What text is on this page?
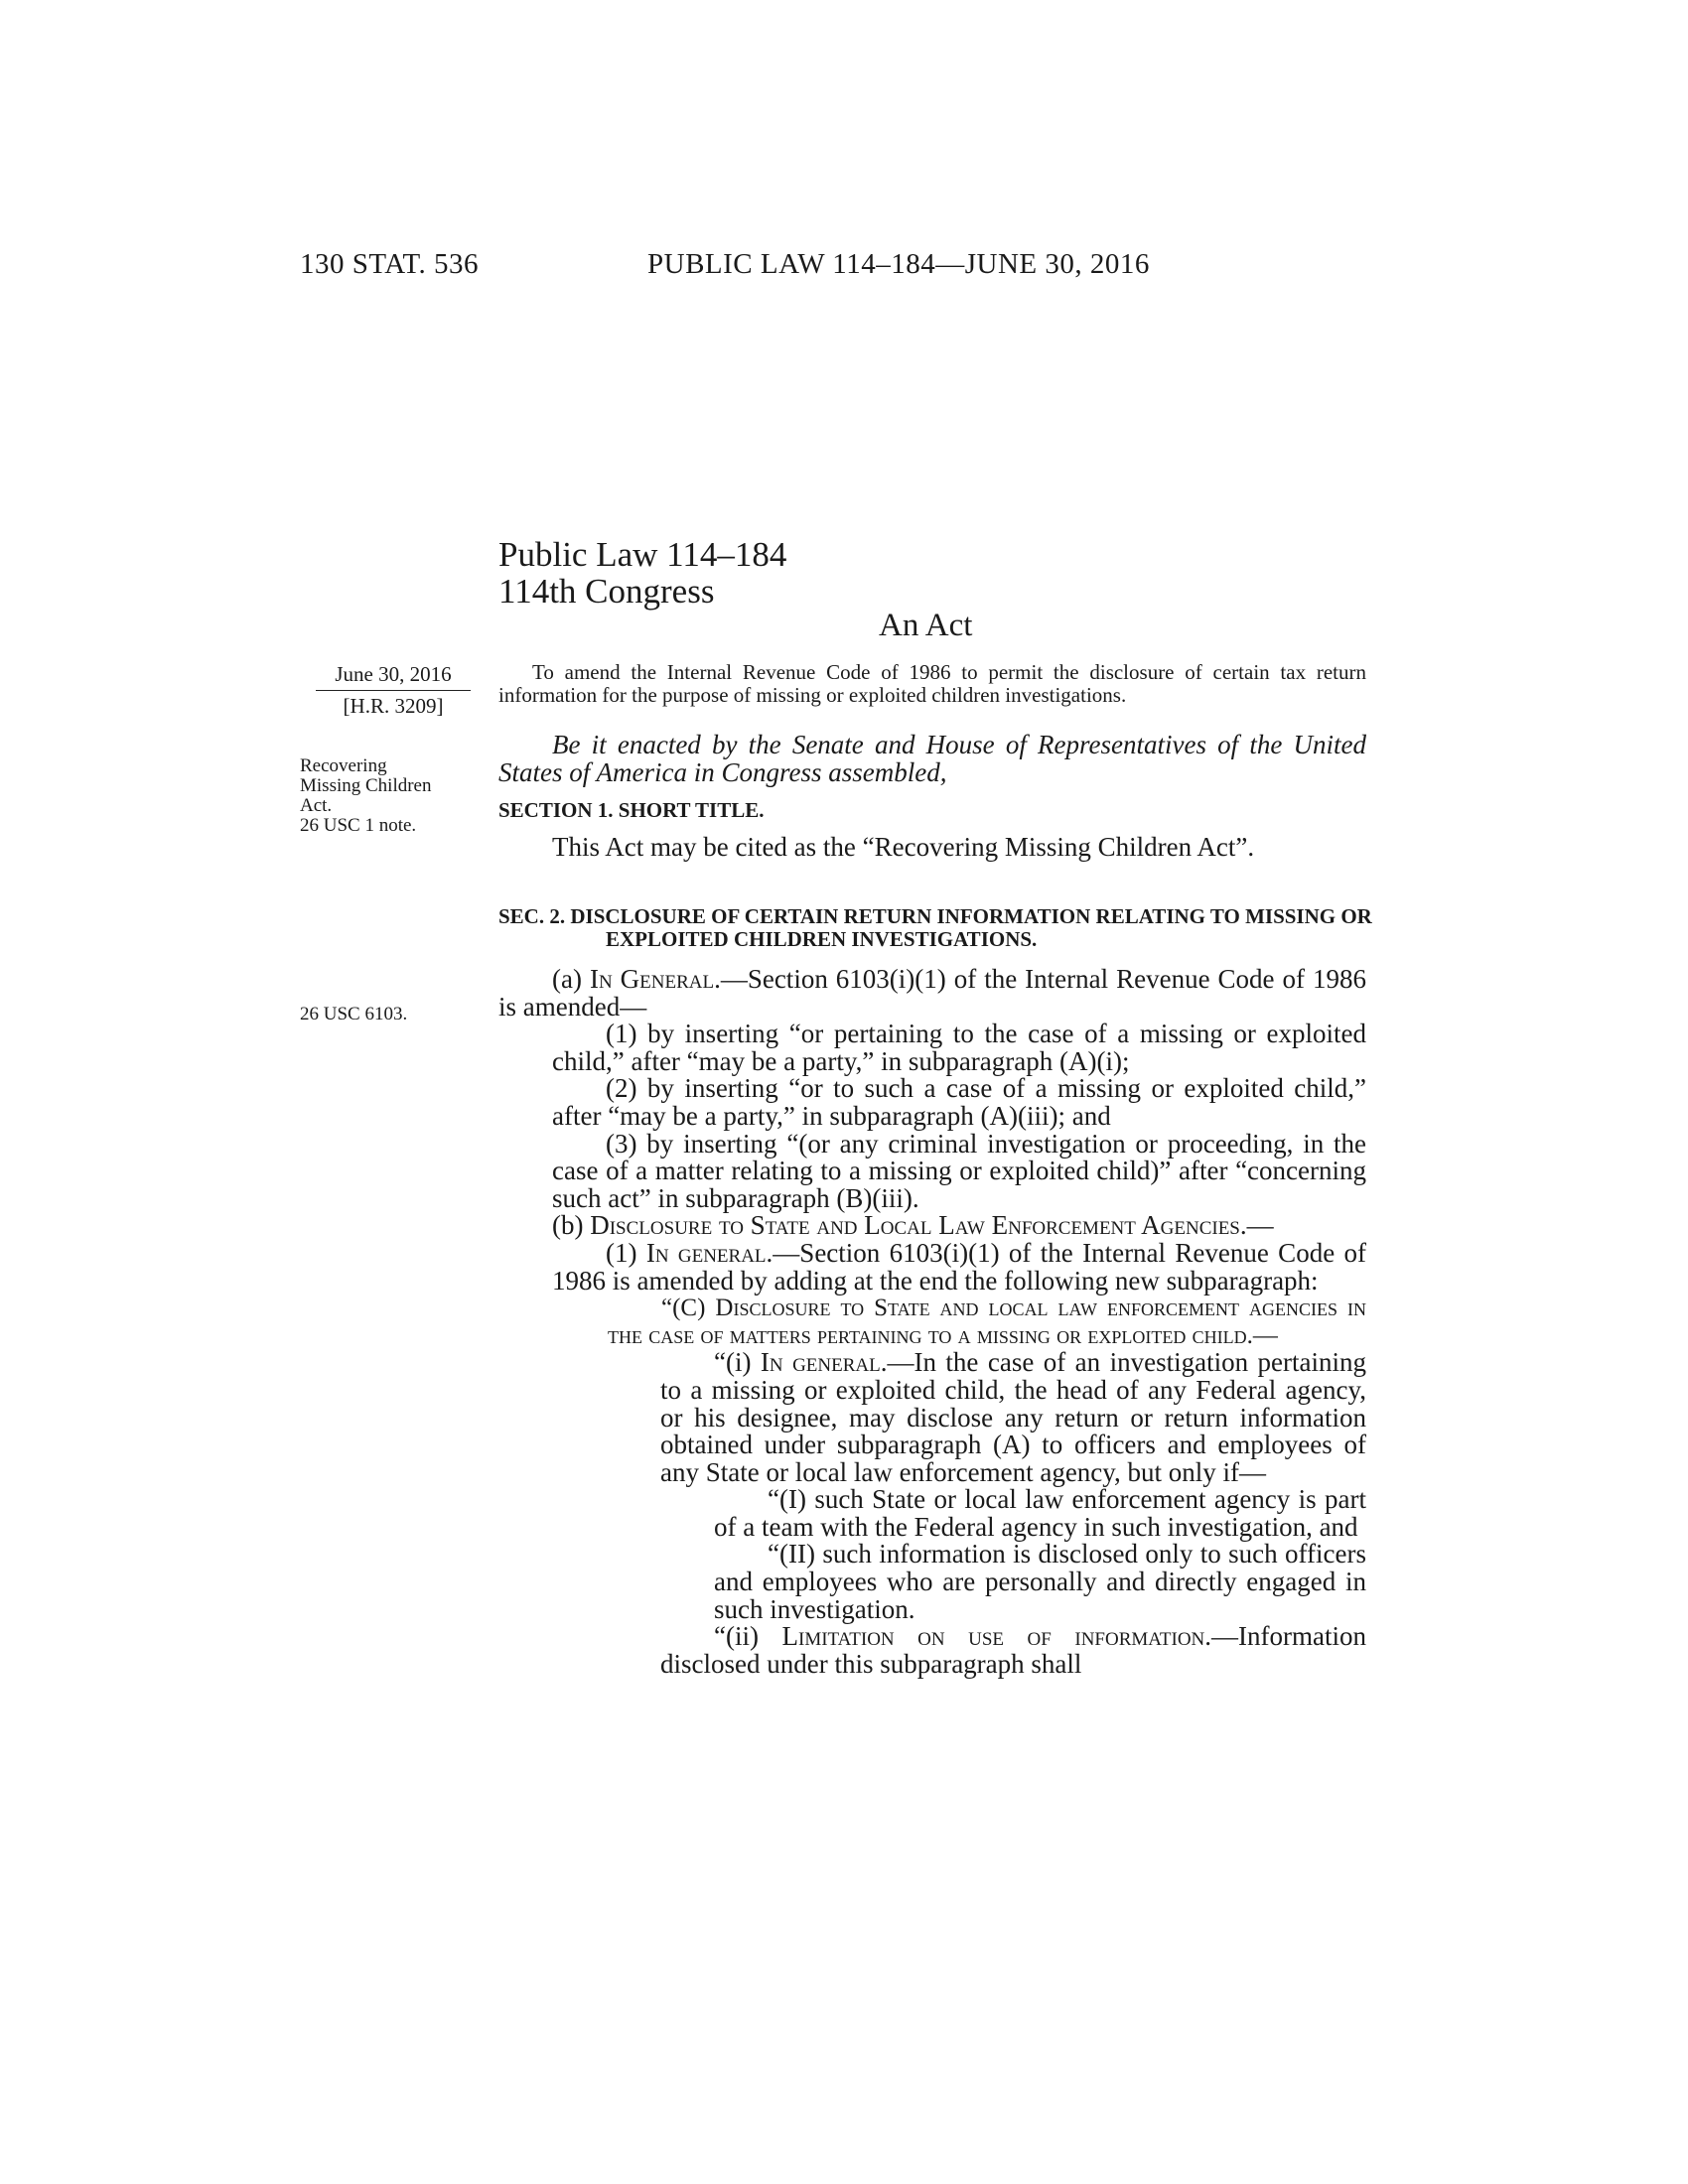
130 STAT. 536	PUBLIC LAW 114–184—JUNE 30, 2016
Public Law 114–184
114th Congress
An Act
June 30, 2016
[H.R. 3209]
Recovering
Missing Children
Act.
26 USC 1 note.
26 USC 6103.
To amend the Internal Revenue Code of 1986 to permit the disclosure of certain tax return information for the purpose of missing or exploited children investigations.
Be it enacted by the Senate and House of Representatives of the United States of America in Congress assembled,
SECTION 1. SHORT TITLE.
This Act may be cited as the “Recovering Missing Children Act”.
SEC. 2. DISCLOSURE OF CERTAIN RETURN INFORMATION RELATING TO MISSING OR EXPLOITED CHILDREN INVESTIGATIONS.

(a) In General.—Section 6103(i)(1) of the Internal Revenue Code of 1986 is amended—

(1) by inserting “or pertaining to the case of a missing or exploited child,” after “may be a party,” in subparagraph (A)(i);

(2) by inserting “or to such a case of a missing or exploited child,” after “may be a party,” in subparagraph (A)(iii); and

(3) by inserting “(or any criminal investigation or proceeding, in the case of a matter relating to a missing or exploited child)” after “concerning such act” in subparagraph (B)(iii).

(b) Disclosure to State and Local Law Enforcement Agencies.—

(1) In general.—Section 6103(i)(1) of the Internal Revenue Code of 1986 is amended by adding at the end the following new subparagraph:

“(C) Disclosure to State and local law enforcement agencies in the case of matters pertaining to a missing or exploited child.—

“(i) In general.—In the case of an investigation pertaining to a missing or exploited child, the head of any Federal agency, or his designee, may disclose any return or return information obtained under subparagraph (A) to officers and employees of any State or local law enforcement agency, but only if—

“(I) such State or local law enforcement agency is part of a team with the Federal agency in such investigation, and

“(II) such information is disclosed only to such officers and employees who are personally and directly engaged in such investigation.

“(ii) Limitation on use of information.—Information disclosed under this subparagraph shall
